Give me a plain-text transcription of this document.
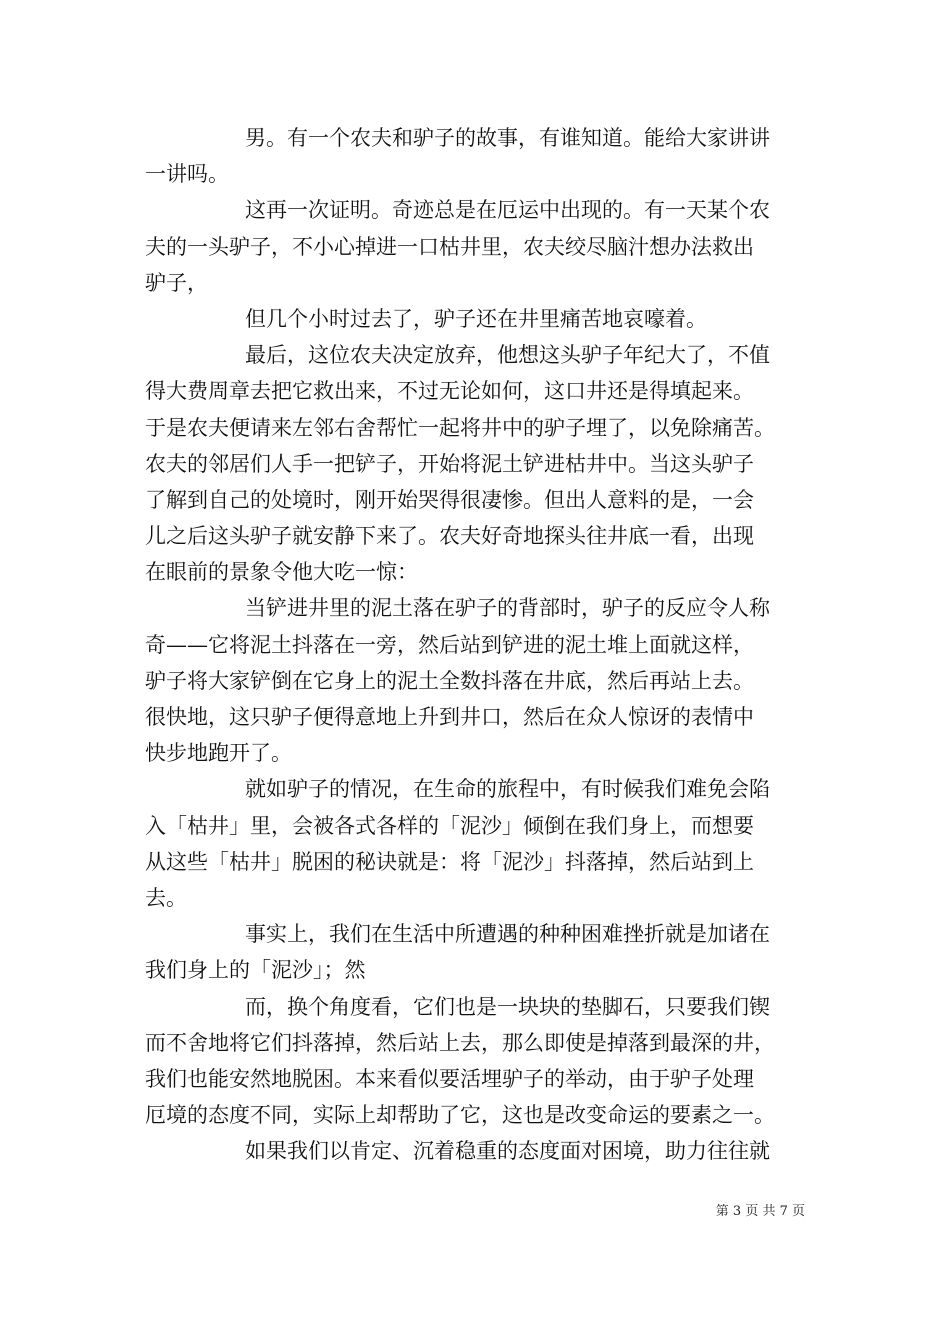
男。有一个农夫和驴子的故事，有谁知道。能给大家讲讲
一讲吗。
这再一次证明。奇迹总是在厄运中出现的。有一天某个农
夫的一头驴子，不小心掉进一口枯井里，农夫绞尽脑汁想办法救出
驴子，
但几个小时过去了，驴子还在井里痛苦地哀嚎着。
最后，这位农夫决定放弃，他想这头驴子年纪大了，不值
得大费周章去把它救出来，不过无论如何，这口井还是得填起来。
于是农夫便请来左邻右舍帮忙一起将井中的驴子埋了，以免除痛苦。
农夫的邻居们人手一把铲子，开始将泥土铲进枯井中。当这头驴子
了解到自己的处境时，刚开始哭得很凄惨。但出人意料的是，一会
儿之后这头驴子就安静下来了。农夫好奇地探头往井底一看，出现
在眼前的景象令他大吃一惊：
当铲进井里的泥土落在驴子的背部时，驴子的反应令人称
奇——它将泥土抖落在一旁，然后站到铲进的泥土堆上面就这样，
驴子将大家铲倒在它身上的泥土全数抖落在井底，然后再站上去。
很快地，这只驴子便得意地上升到井口，然后在众人惊讶的表情中
快步地跑开了。
就如驴子的情况，在生命的旅程中，有时候我们难免会陷
入「枯井」里，会被各式各样的「泥沙」倾倒在我们身上，而想要
从这些「枯井」脱困的秘诀就是：将「泥沙」抖落掉，然后站到上
去。
事实上，我们在生活中所遭遇的种种困难挫折就是加诸在
我们身上的「泥沙」；然
而，换个角度看，它们也是一块块的垫脚石，只要我们锲
而不舍地将它们抖落掉，然后站上去，那么即使是掉落到最深的井，
我们也能安然地脱困。本来看似要活埋驴子的举动，由于驴子处理
厄境的态度不同，实际上却帮助了它，这也是改变命运的要素之一。
如果我们以肯定、沉着稳重的态度面对困境，助力往往就
第 3 页 共 7 页
